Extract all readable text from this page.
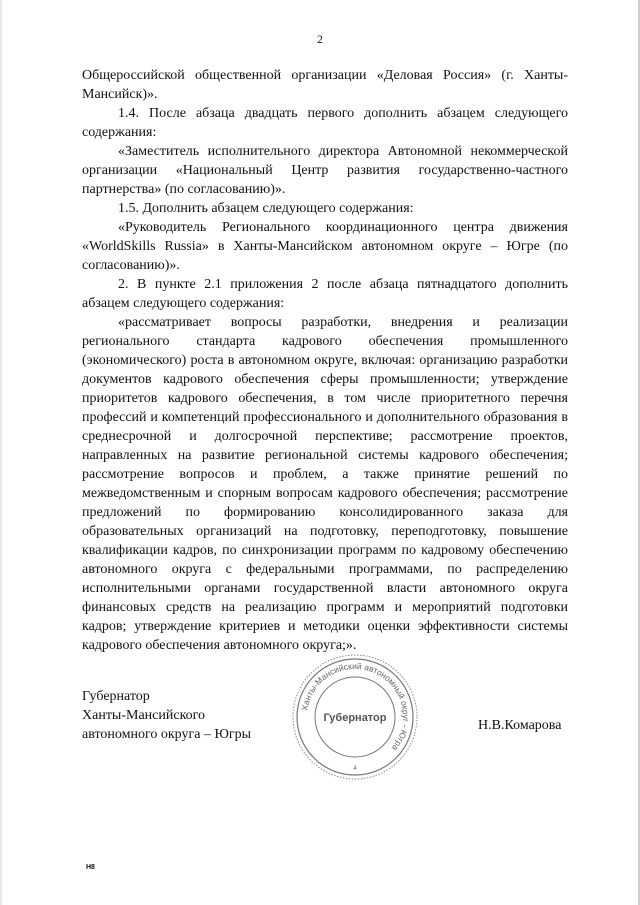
2

Общероссийской общественной организации «Деловая Россия» (г. Ханты-Мансийск)».

1.4. После абзаца двадцать первого дополнить абзацем следующего содержания:

«Заместитель исполнительного директора Автономной некоммерческой организации «Национальный Центр развития государственно-частного партнерства» (по согласованию)».

1.5. Дополнить абзацем следующего содержания:

«Руководитель Регионального координационного центра движения «WorldSkills Russia» в Ханты-Мансийском автономном округе – Югре (по согласованию)».

2. В пункте 2.1 приложения 2 после абзаца пятнадцатого дополнить абзацем следующего содержания:

«рассматривает вопросы разработки, внедрения и реализации регионального стандарта кадрового обеспечения промышленного (экономического) роста в автономном округе, включая: организацию разработки документов кадрового обеспечения сферы промышленности; утверждение приоритетов кадрового обеспечения, в том числе приоритетного перечня профессий и компетенций профессионального и дополнительного образования в среднесрочной и долгосрочной перспективе; рассмотрение проектов, направленных на развитие региональной системы кадрового обеспечения; рассмотрение вопросов и проблем, а также принятие решений по межведомственным и спорным вопросам кадрового обеспечения; рассмотрение предложений по формированию консолидированного заказа для образовательных организаций на подготовку, переподготовку, повышение квалификации кадров, по синхронизации программ по кадровому обеспечению автономного округа с федеральными программами, по распределению исполнительными органами государственной власти автономного округа финансовых средств на реализацию программ и мероприятий подготовки кадров; утверждение критериев и методики оценки эффективности системы кадрового обеспечения автономного округа;».

Губернатор
Ханты-Мансийского
автономного округа – Югры
Ханты-Мансийский автономный округ - Югра
Губернатор
4
Н.В.Комарова
Н8
